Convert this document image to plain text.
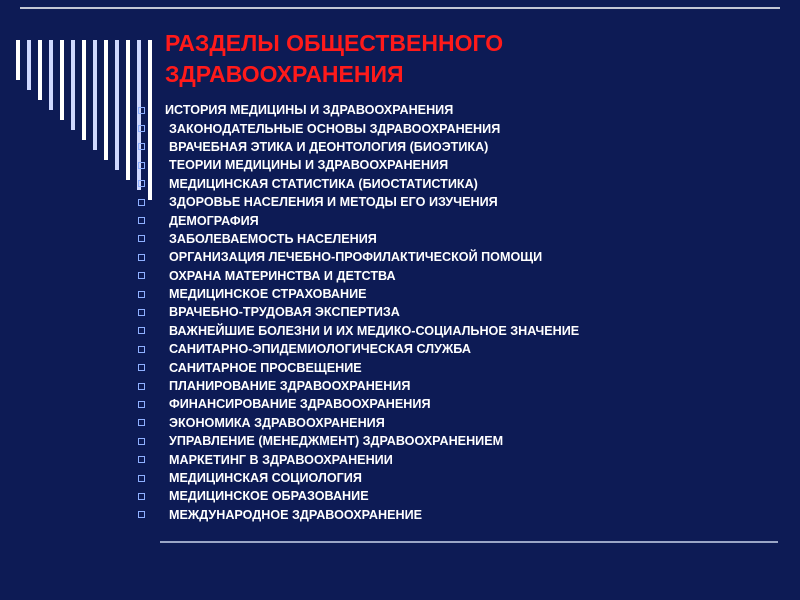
РАЗДЕЛЫ ОБЩЕСТВЕННОГО
ЗДРАВООХРАНЕНИЯ
ИСТОРИЯ МЕДИЦИНЫ И ЗДРАВООХРАНЕНИЯ
ЗАКОНОДАТЕЛЬНЫЕ ОСНОВЫ ЗДРАВООХРАНЕНИЯ
ВРАЧЕБНАЯ ЭТИКА И ДЕОНТОЛОГИЯ (БИОЭТИКА)
ТЕОРИИ МЕДИЦИНЫ И ЗДРАВООХРАНЕНИЯ
МЕДИЦИНСКАЯ СТАТИСТИКА (БИОСТАТИСТИКА)
ЗДОРОВЬЕ НАСЕЛЕНИЯ И МЕТОДЫ ЕГО ИЗУЧЕНИЯ
ДЕМОГРАФИЯ
ЗАБОЛЕВАЕМОСТЬ НАСЕЛЕНИЯ
ОРГАНИЗАЦИЯ ЛЕЧЕБНО-ПРОФИЛАКТИЧЕСКОЙ ПОМОЩИ
ОХРАНА МАТЕРИНСТВА И ДЕТСТВА
МЕДИЦИНСКОЕ СТРАХОВАНИЕ
ВРАЧЕБНО-ТРУДОВАЯ ЭКСПЕРТИЗА
ВАЖНЕЙШИЕ БОЛЕЗНИ И ИХ МЕДИКО-СОЦИАЛЬНОЕ ЗНАЧЕНИЕ
САНИТАРНО-ЭПИДЕМИОЛОГИЧЕСКАЯ СЛУЖБА
САНИТАРНОЕ ПРОСВЕЩЕНИЕ
ПЛАНИРОВАНИЕ ЗДРАВООХРАНЕНИЯ
ФИНАНСИРОВАНИЕ ЗДРАВООХРАНЕНИЯ
ЭКОНОМИКА ЗДРАВООХРАНЕНИЯ
УПРАВЛЕНИЕ (МЕНЕДЖМЕНТ) ЗДРАВООХРАНЕНИЕМ
МАРКЕТИНГ В ЗДРАВООХРАНЕНИИ
МЕДИЦИНСКАЯ СОЦИОЛОГИЯ
МЕДИЦИНСКОЕ ОБРАЗОВАНИЕ
МЕЖДУНАРОДНОЕ ЗДРАВООХРАНЕНИЕ
